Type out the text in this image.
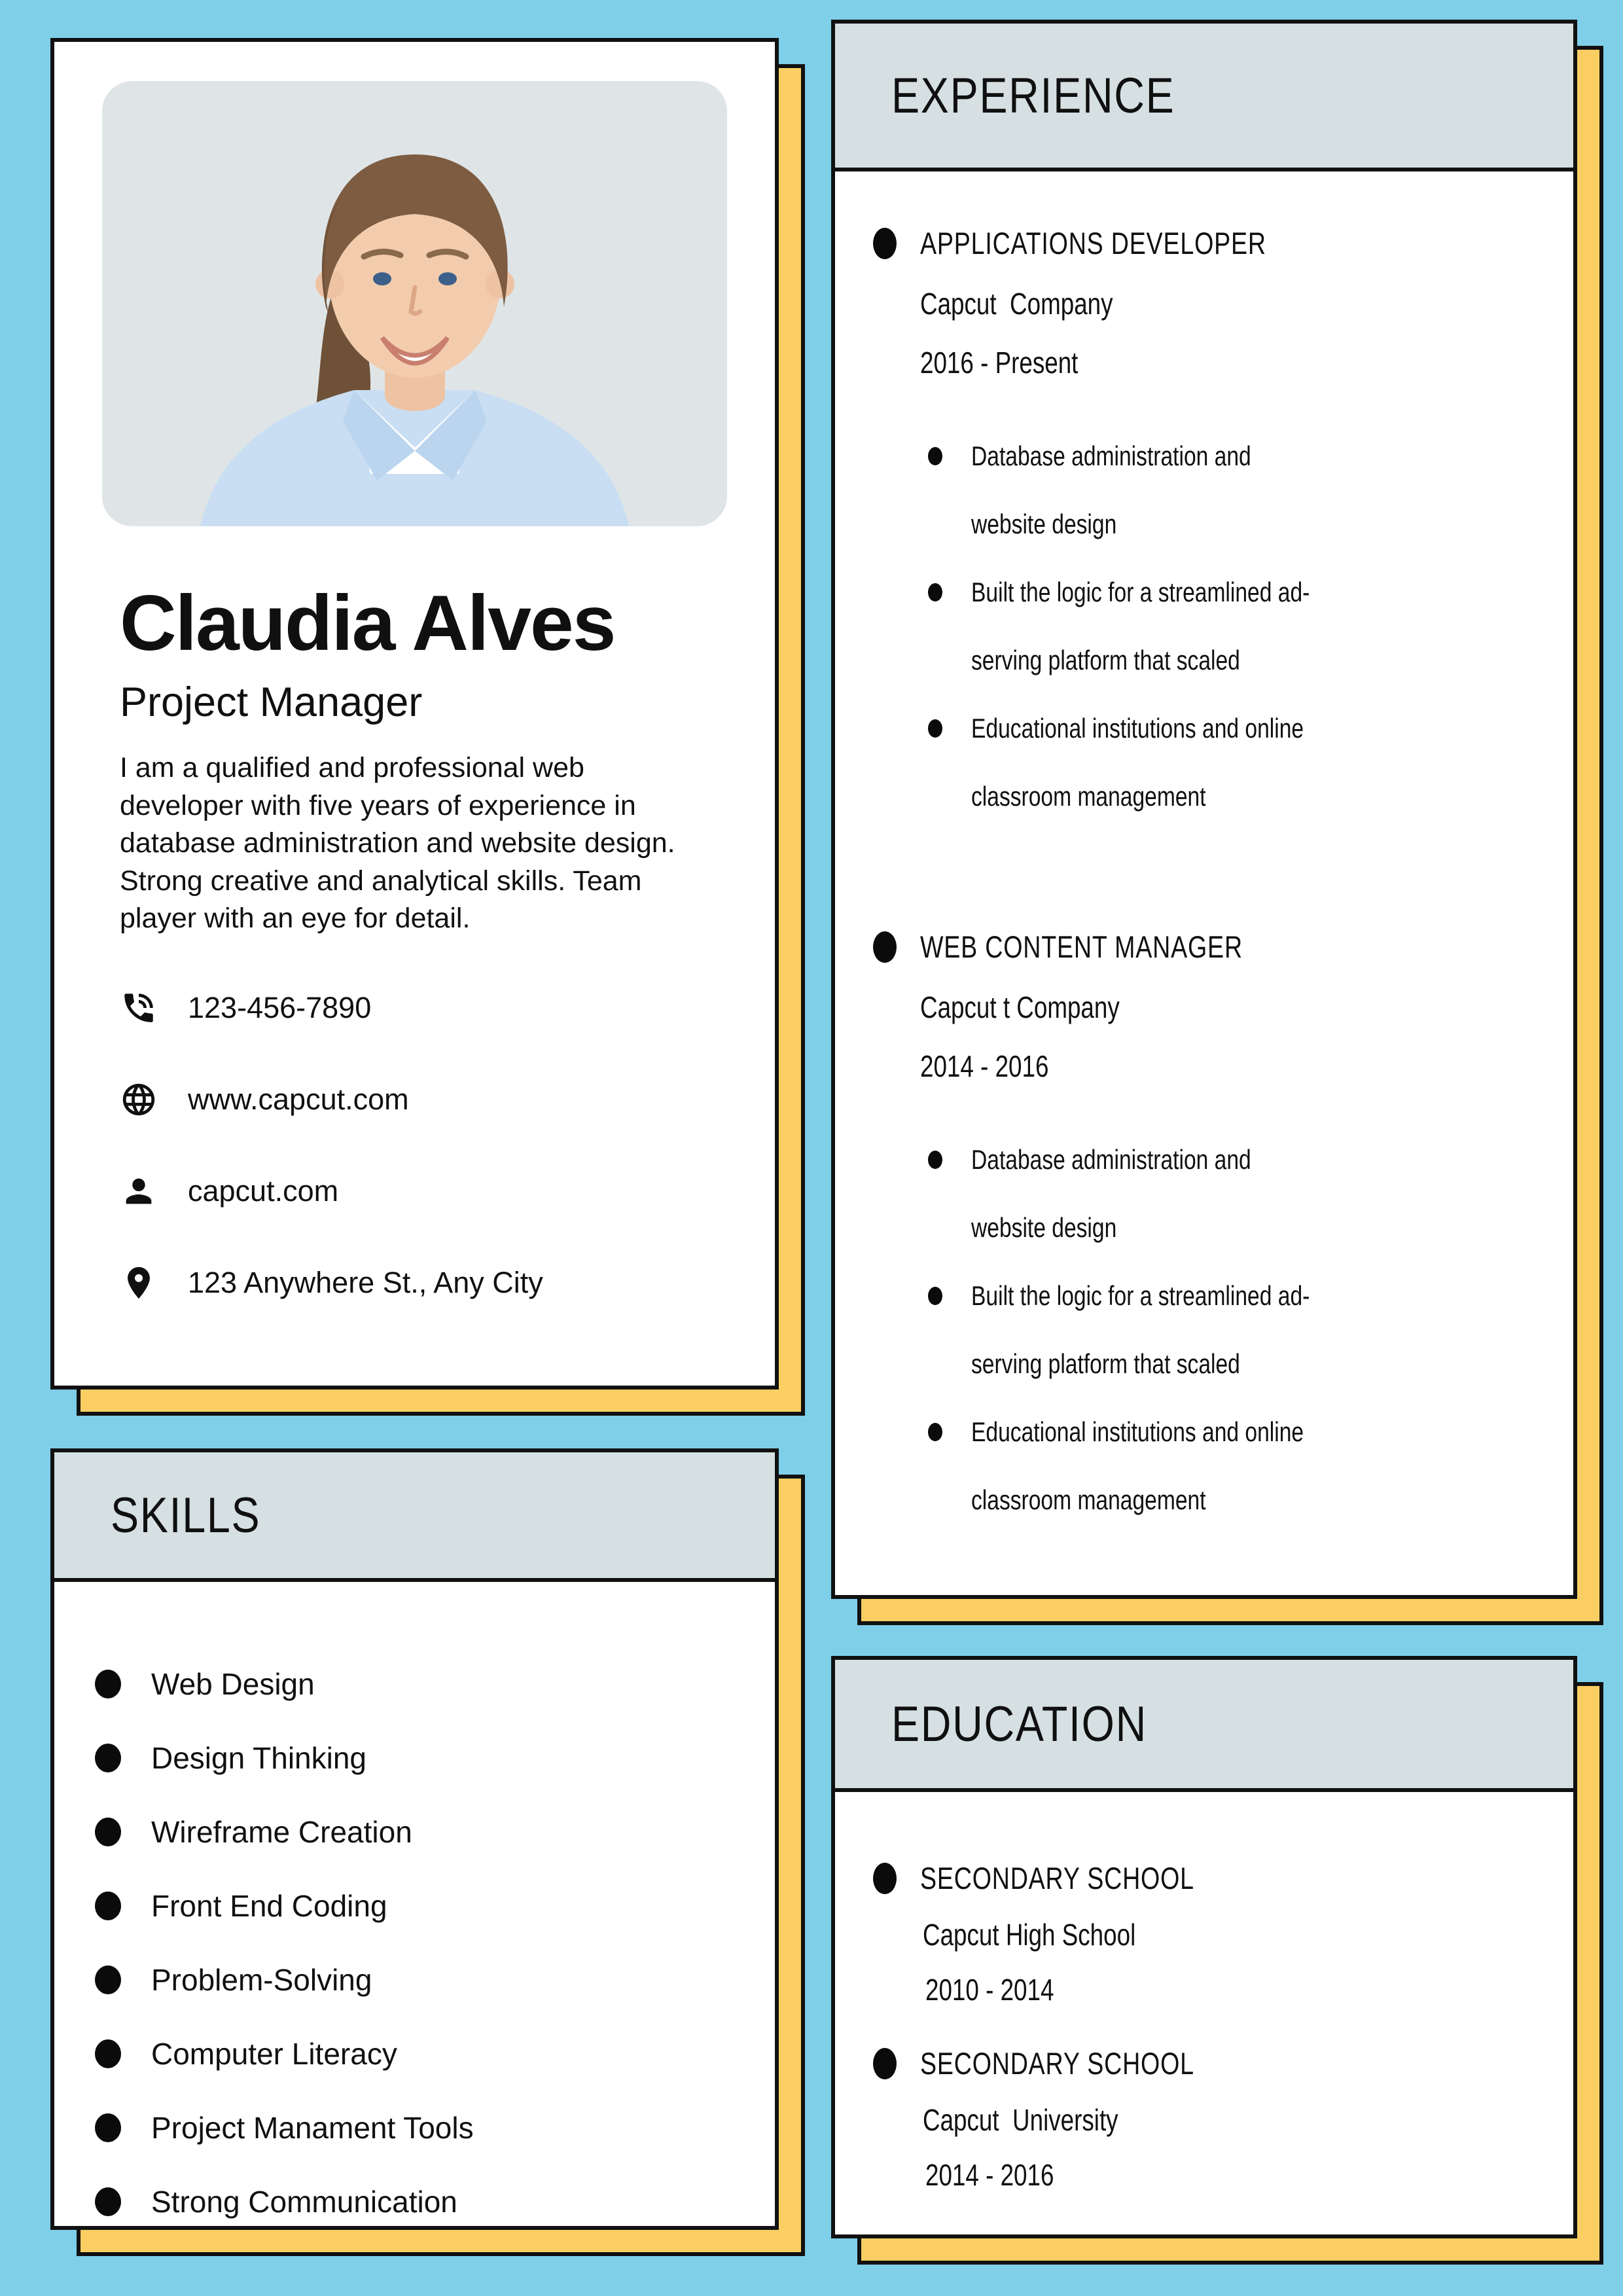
Claudia Alves
Project Manager

I am a qualified and professional web developer with five years of experience in database administration and website design. Strong creative and analytical skills. Team player with an eye for detail.

123-456-7890
www.capcut.com
capcut.com
123 Anywhere St., Any City
SKILLS
Web Design
Design Thinking
Wireframe Creation
Front End Coding
Problem-Solving
Computer Literacy
Project Manament Tools
Strong Communication
EXPERIENCE
APPLICATIONS DEVELOPER
Capcut  Company
2016 - Present
Database administration and
website design
Built the logic for a streamlined ad-
serving platform that scaled
Educational institutions and online
classroom management
WEB CONTENT MANAGER
Capcut t Company
2014 - 2016
Database administration and
website design
Built the logic for a streamlined ad-
serving platform that scaled
Educational institutions and online
classroom management
EDUCATION
SECONDARY SCHOOL
Capcut High School
2010 - 2014
SECONDARY SCHOOL
Capcut  University
2014 - 2016
